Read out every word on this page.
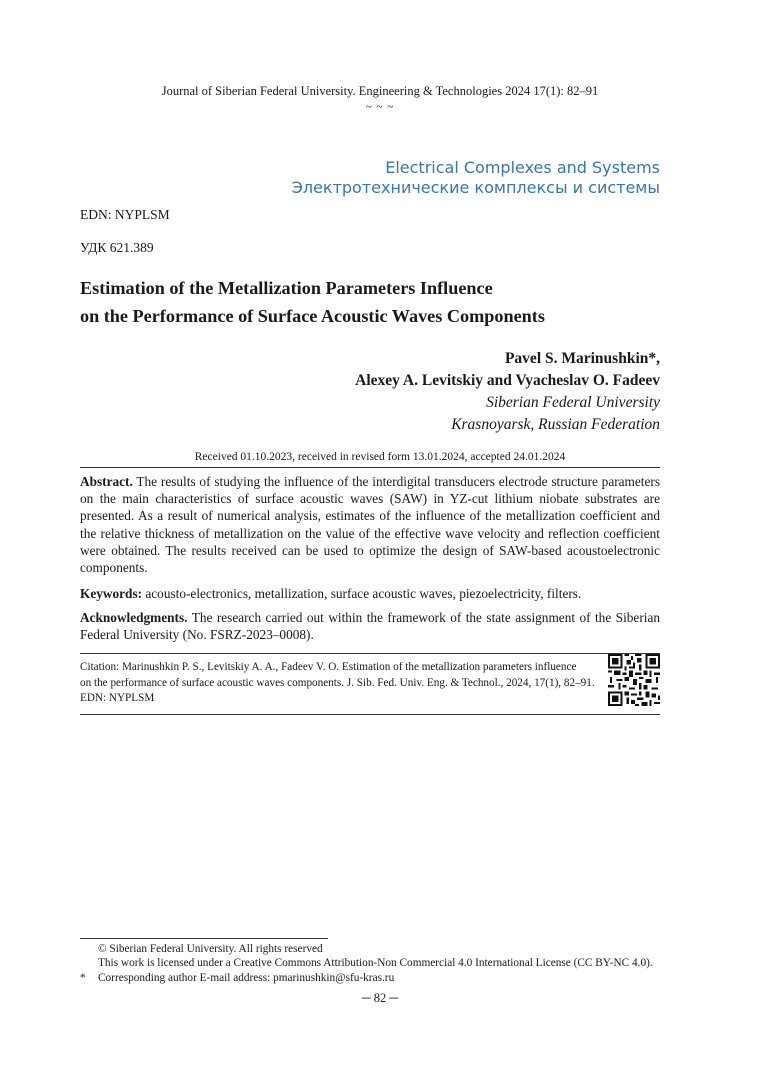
Journal of Siberian Federal University. Engineering & Technologies 2024 17(1): 82–91
~ ~ ~
Electrical Complexes and Systems
Электротехнические комплексы и системы
EDN: NYPLSM
УДК 621.389
Estimation of the Metallization Parameters Influence
on the Performance of Surface Acoustic Waves Components
Pavel S. Marinushkin*,
Alexey A. Levitskiy and Vyacheslav O. Fadeev
Siberian Federal University
Krasnoyarsk, Russian Federation
Received 01.10.2023, received in revised form 13.01.2024, accepted 24.01.2024
Abstract. The results of studying the influence of the interdigital transducers electrode structure parameters on the main characteristics of surface acoustic waves (SAW) in YZ-cut lithium niobate substrates are presented. As a result of numerical analysis, estimates of the influence of the metallization coefficient and the relative thickness of metallization on the value of the effective wave velocity and reflection coefficient were obtained. The results received can be used to optimize the design of SAW-based acoustoelectronic components.
Keywords: acousto-electronics, metallization, surface acoustic waves, piezoelectricity, filters.
Acknowledgments. The research carried out within the framework of the state assignment of the Siberian Federal University (No. FSRZ-2023–0008).
Citation: Marinushkin P. S., Levitskiy A. A., Fadeev V. O. Estimation of the metallization parameters influence
on the performance of surface acoustic waves components. J. Sib. Fed. Univ. Eng. & Technol., 2024, 17(1), 82–91.
EDN: NYPLSM
© Siberian Federal University. All rights reserved
This work is licensed under a Creative Commons Attribution-Non Commercial 4.0 International License (CC BY-NC 4.0).
* Corresponding author E-mail address: pmarinushkin@sfu-kras.ru
─ 82 ─
